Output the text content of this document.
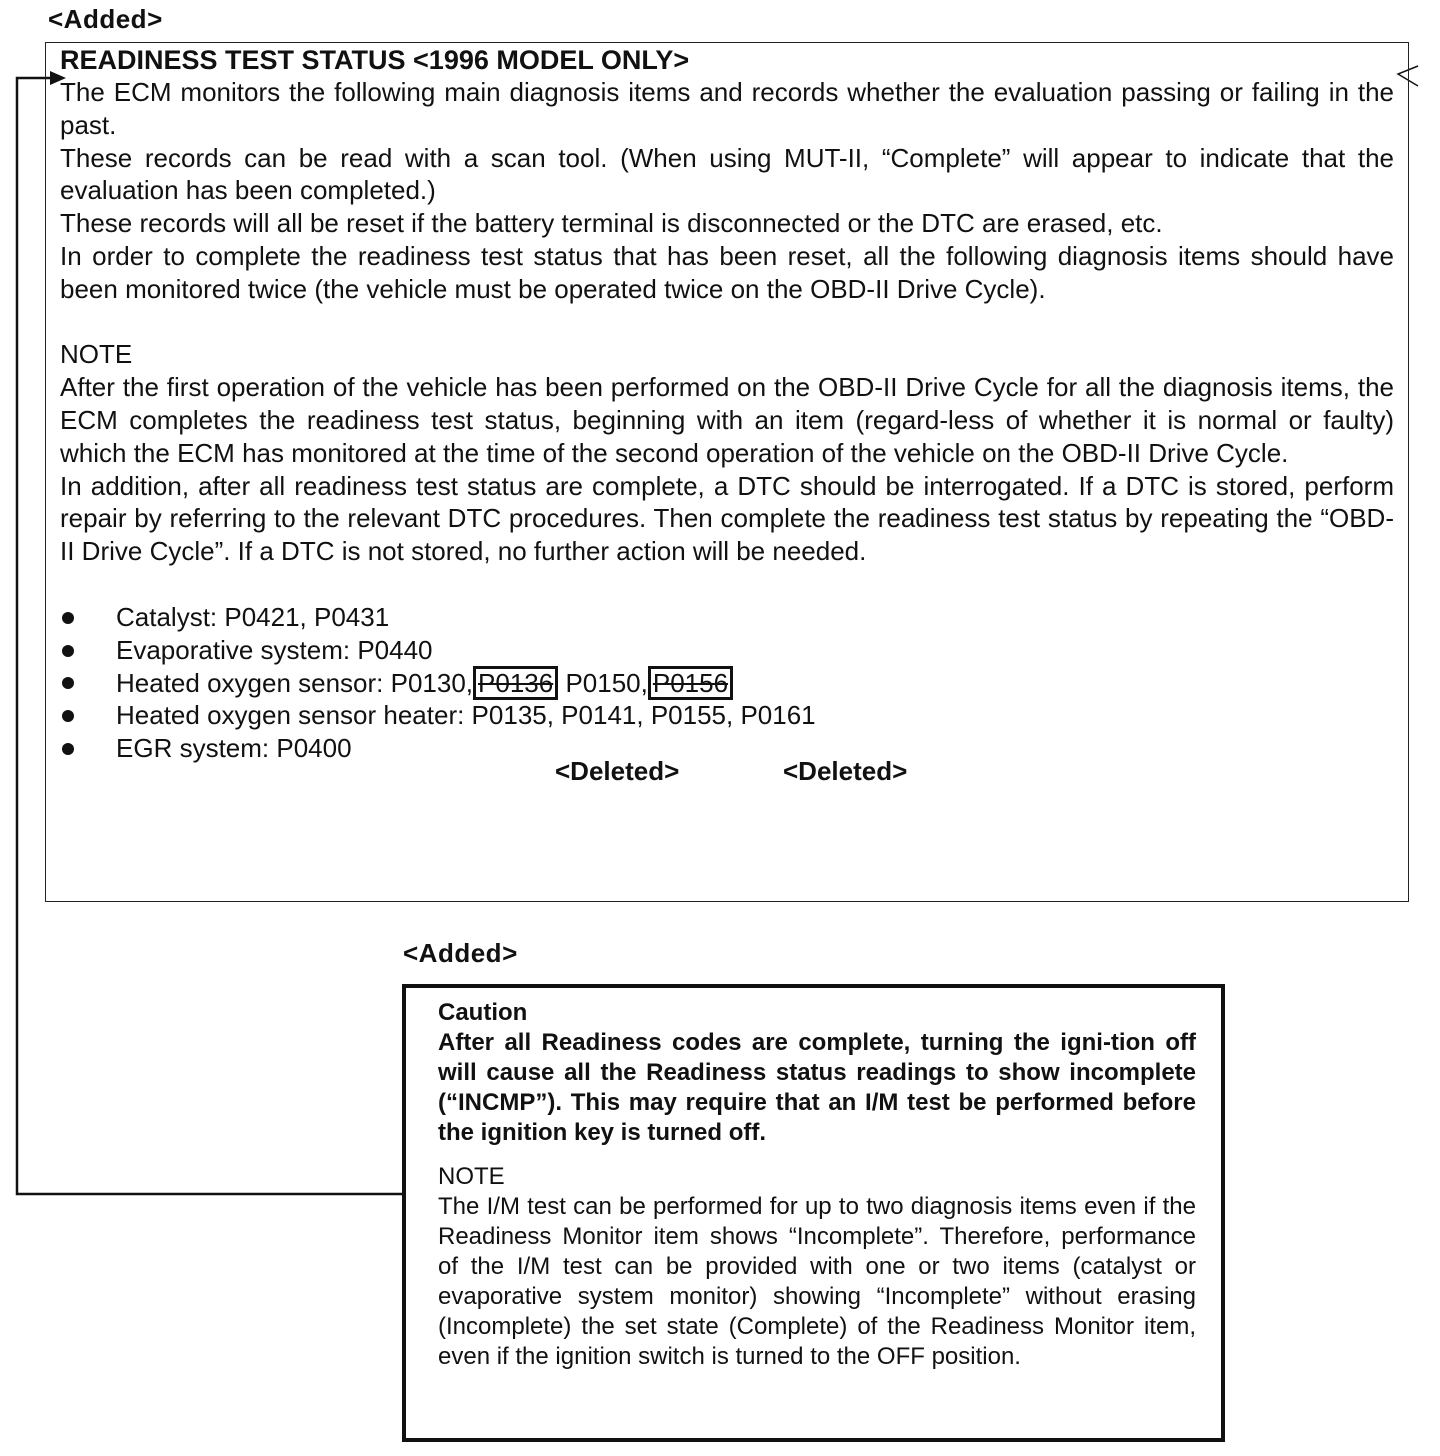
<Added>

READINESS TEST STATUS <1996 MODEL ONLY>

The ECM monitors the following main diagnosis items and records whether the evaluation passing or failing in the past.

These records can be read with a scan tool. (When using MUT-II, “Complete” will appear to indicate that the evaluation has been completed.)

These records will all be reset if the battery terminal is disconnected or the DTC are erased, etc.

In order to complete the readiness test status that has been reset, all the following diagnosis items should have been monitored twice (the vehicle must be operated twice on the OBD-II Drive Cycle).

NOTE

After the first operation of the vehicle has been performed on the OBD-II Drive Cycle for all the diagnosis items, the ECM completes the readiness test status, beginning with an item (regard-less of whether it is normal or faulty) which the ECM has monitored at the time of the second operation of the vehicle on the OBD-II Drive Cycle.

In addition, after all readiness test status are complete, a DTC should be interrogated. If a DTC is stored, perform repair by referring to the relevant DTC procedures. Then complete the readiness test status by repeating the “OBD-II Drive Cycle”. If a DTC is not stored, no further action will be needed.

Catalyst: P0421, P0431
Evaporative system: P0440
Heated oxygen sensor: P0130, P0136 P0150, P0156
Heated oxygen sensor heater: P0135, P0141, P0155, P0161
EGR system: P0400
<Deleted>	<Deleted>
<Added>

Caution

After all Readiness codes are complete, turning the igni-tion off will cause all the Readiness status readings to show incomplete (“INCMP”). This may require that an I/M test be performed before the ignition key is turned off.

NOTE

The I/M test can be performed for up to two diagnosis items even if the Readiness Monitor item shows “Incomplete”. Therefore, performance of the I/M test can be provided with one or two items (catalyst or evaporative system monitor) showing “Incomplete” without erasing (Incomplete) the set state (Complete) of the Readiness Monitor item, even if the ignition switch is turned to the OFF position.
